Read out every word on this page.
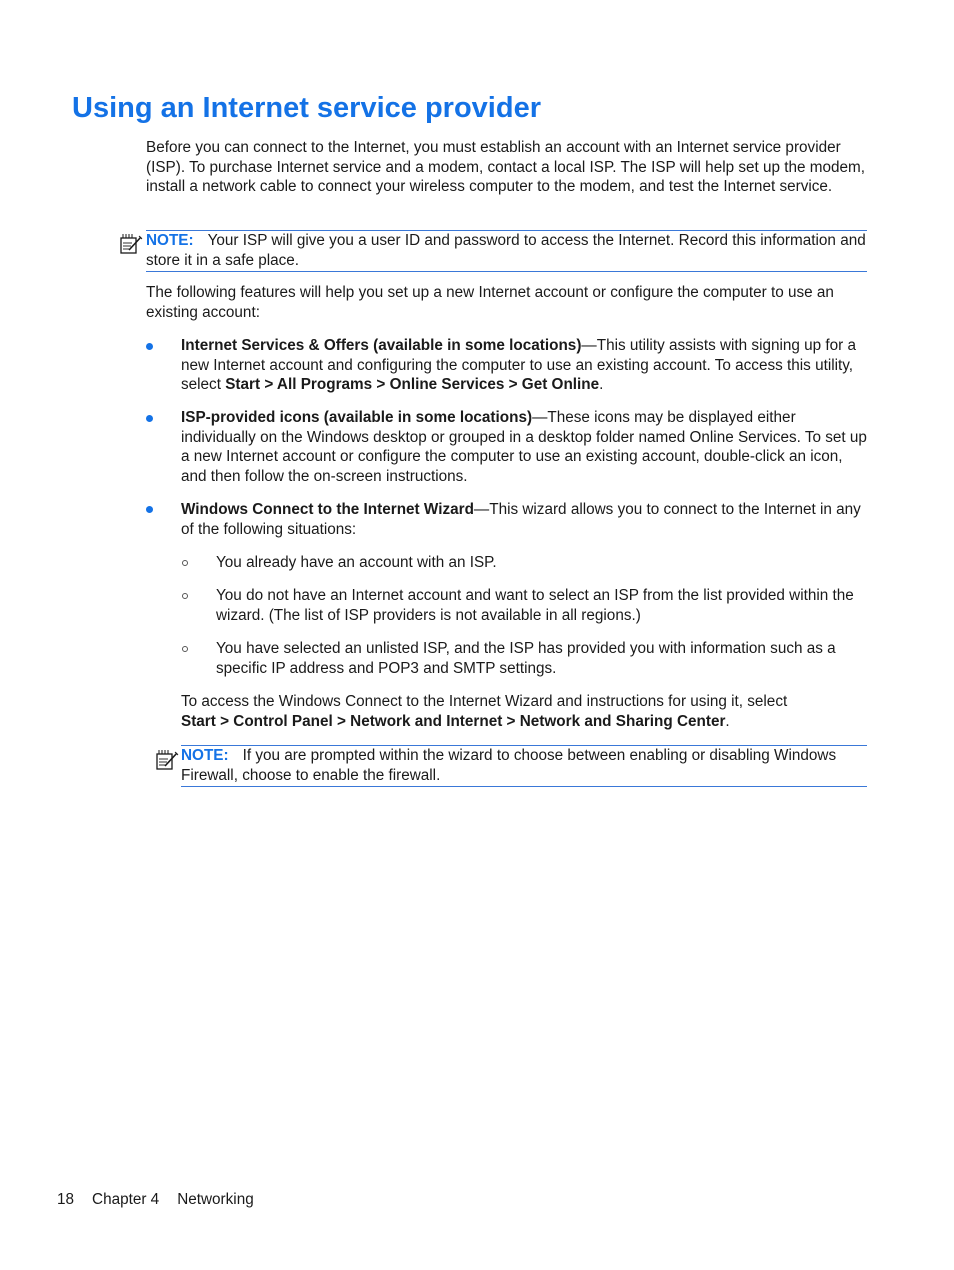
Using an Internet service provider

Before you can connect to the Internet, you must establish an account with an Internet service provider (ISP). To purchase Internet service and a modem, contact a local ISP. The ISP will help set up the modem, install a network cable to connect your wireless computer to the modem, and test the Internet service.

NOTE: Your ISP will give you a user ID and password to access the Internet. Record this information and store it in a safe place.

The following features will help you set up a new Internet account or configure the computer to use an existing account:

Internet Services & Offers (available in some locations)—This utility assists with signing up for a new Internet account and configuring the computer to use an existing account. To access this utility, select Start > All Programs > Online Services > Get Online.

ISP-provided icons (available in some locations)—These icons may be displayed either individually on the Windows desktop or grouped in a desktop folder named Online Services. To set up a new Internet account or configure the computer to use an existing account, double-click an icon, and then follow the on-screen instructions.

Windows Connect to the Internet Wizard—This wizard allows you to connect to the Internet in any of the following situations:

You already have an account with an ISP.

You do not have an Internet account and want to select an ISP from the list provided within the wizard. (The list of ISP providers is not available in all regions.)

You have selected an unlisted ISP, and the ISP has provided you with information such as a specific IP address and POP3 and SMTP settings.

To access the Windows Connect to the Internet Wizard and instructions for using it, select
Start > Control Panel > Network and Internet > Network and Sharing Center.

NOTE: If you are prompted within the wizard to choose between enabling or disabling Windows Firewall, choose to enable the firewall.
18 Chapter 4 Networking
